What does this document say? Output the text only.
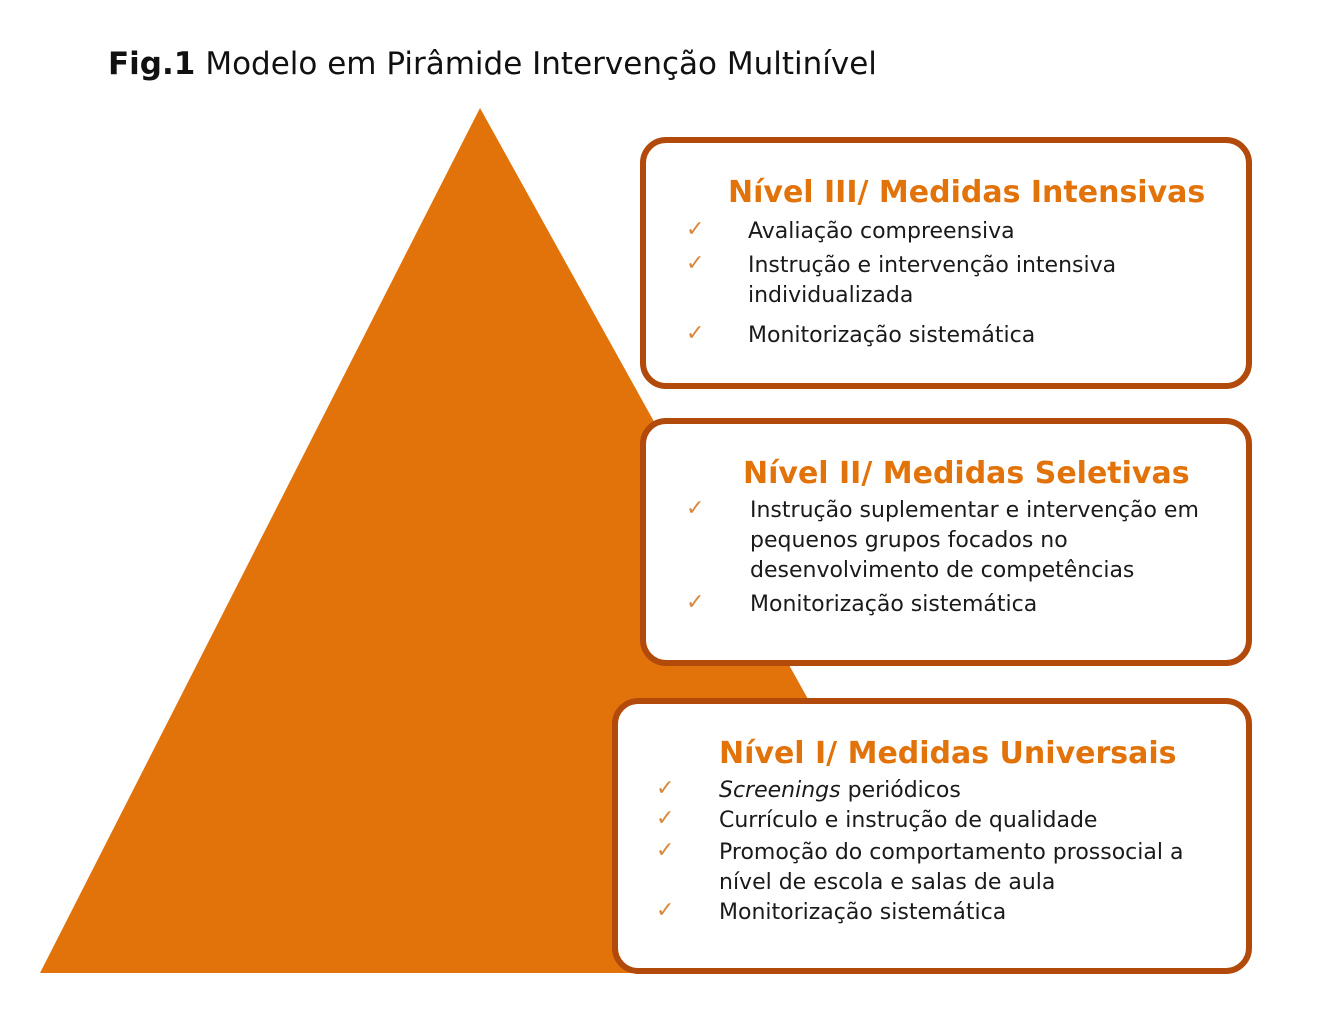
Fig.1 Modelo em Pirâmide Intervenção Multinível
Nível III/ Medidas Intensivas
✓ Avaliação compreensiva
✓ Instrução e intervenção intensiva
individualizada
✓ Monitorização sistemática
Nível II/ Medidas Seletivas
✓ Instrução suplementar e intervenção em
pequenos grupos focados no
desenvolvimento de competências
✓ Monitorização sistemática
Nível I/ Medidas Universais
✓ Screenings periódicos
✓ Currículo e instrução de qualidade
✓ Promoção do comportamento prossocial a
nível de escola e salas de aula
✓ Monitorização sistemática
